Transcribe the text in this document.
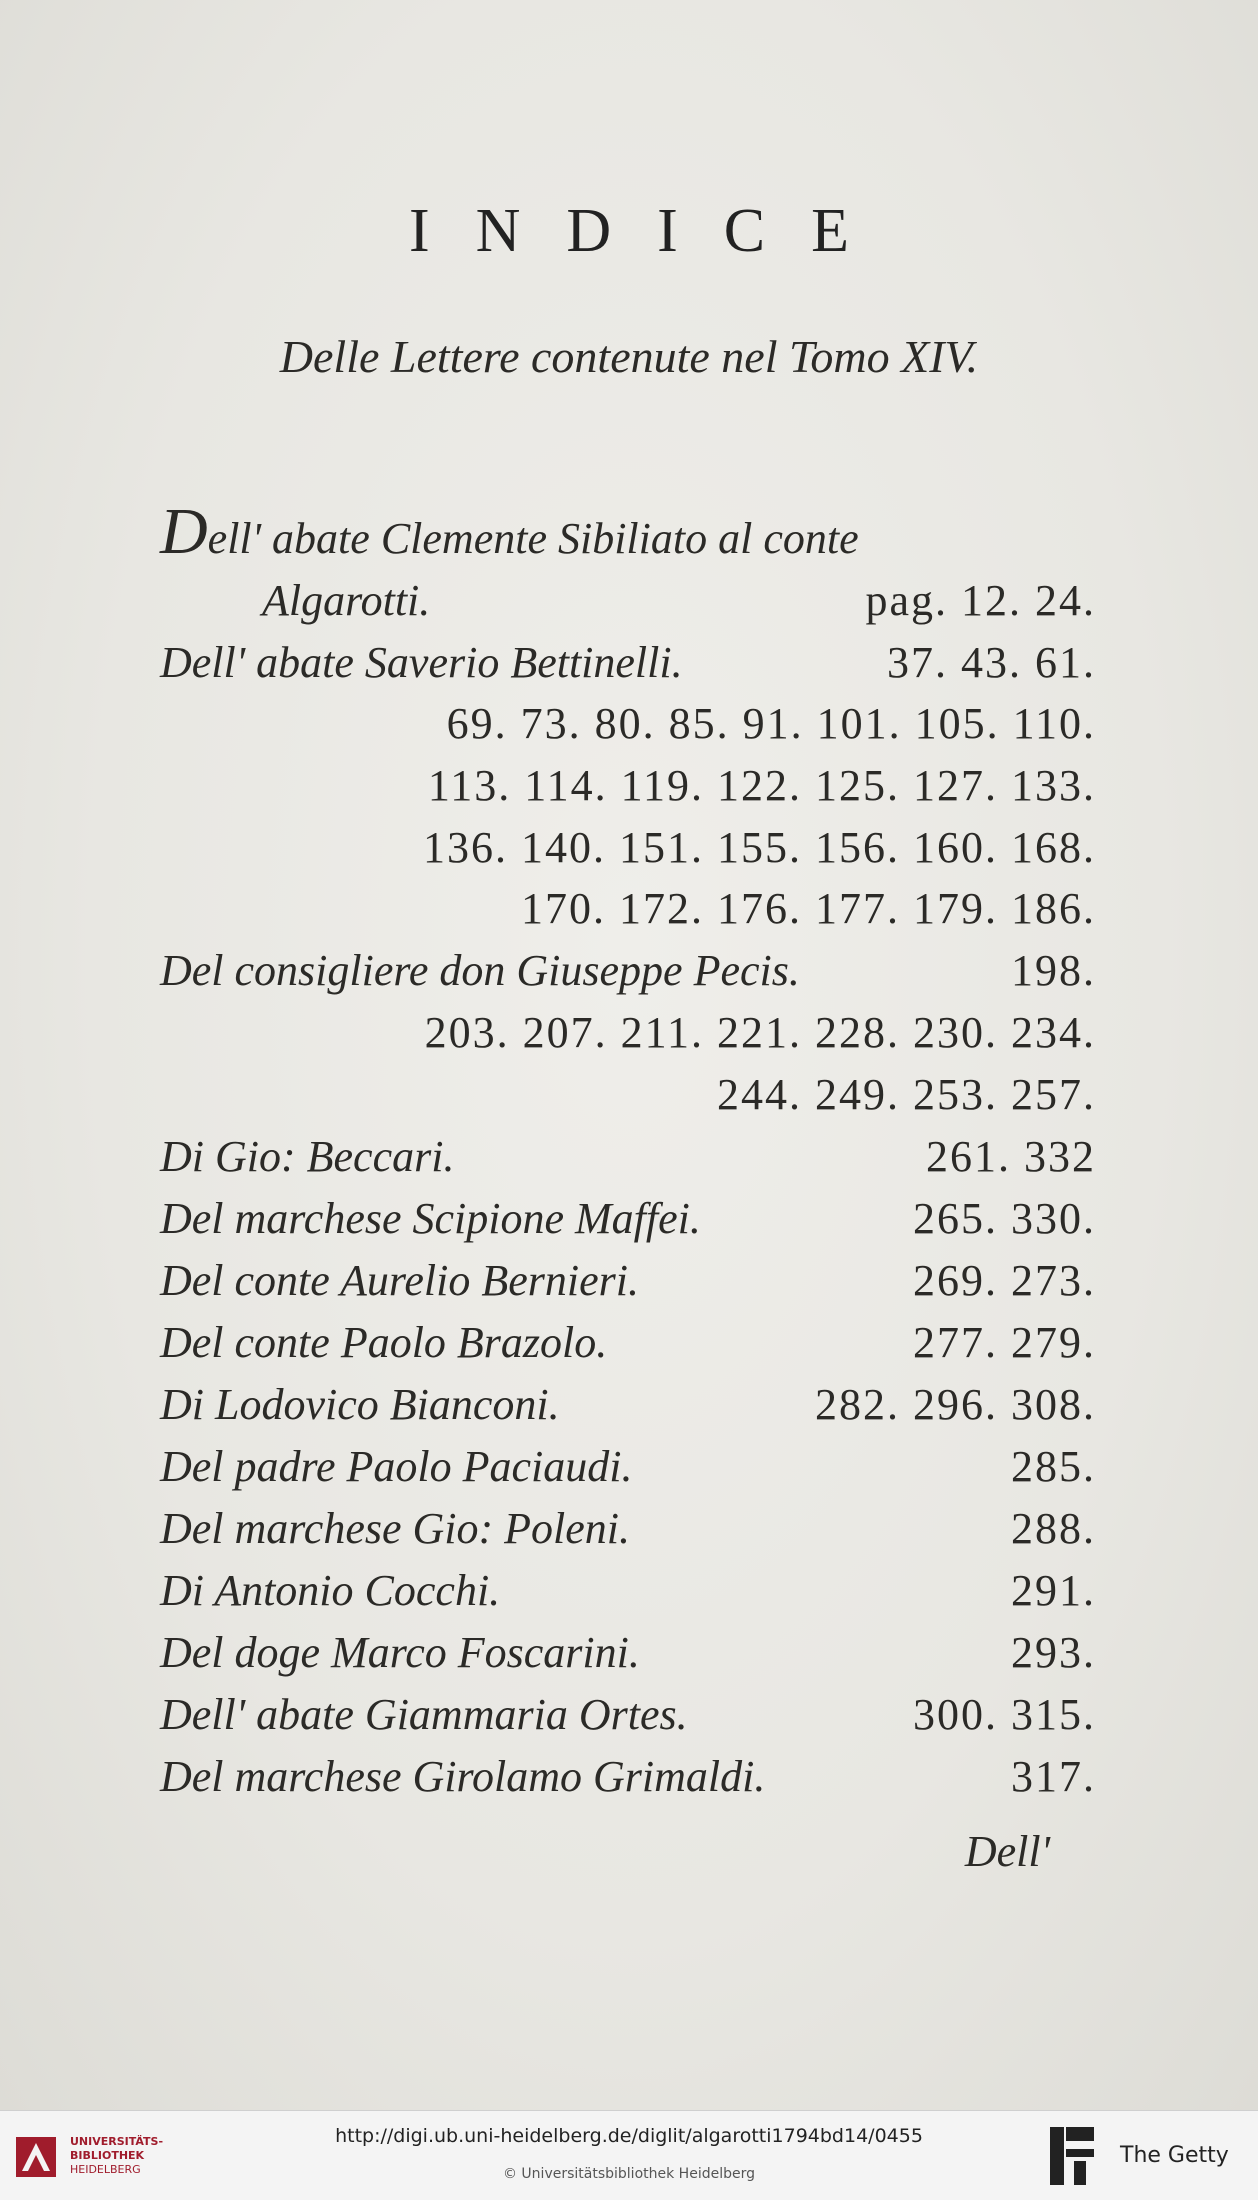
INDICE
Delle Lettere contenute nel Tomo XIV.
Dell' abate Clemente Sibiliato al conte
Algarotti.	pag. 12. 24.
Dell' abate Saverio Bettinelli.	37. 43. 61.
69. 73. 80. 85. 91. 101. 105. 110.
113. 114. 119. 122. 125. 127. 133.
136. 140. 151. 155. 156. 160. 168.
170. 172. 176. 177. 179. 186.
Del consigliere don Giuseppe Pecis.	198.
203. 207. 211. 221. 228. 230. 234.
244. 249. 253. 257.
Di Gio: Beccari.	261. 332
Del marchese Scipione Maffei.	265. 330.
Del conte Aurelio Bernieri.	269. 273.
Del conte Paolo Brazolo.	277. 279.
Di Lodovico Bianconi.	282. 296. 308.
Del padre Paolo Paciaudi.	285.
Del marchese Gio: Poleni.	288.
Di Antonio Cocchi.	291.
Del doge Marco Foscarini.	293.
Dell' abate Giammaria Ortes.	300. 315.
Del marchese Girolamo Grimaldi.	317.
Dell'
UNIVERSITÄTS-
BIBLIOTHEK
HEIDELBERG
http://digi.ub.uni-heidelberg.de/diglit/algarotti1794bd14/0455
© Universitätsbibliothek Heidelberg
The Getty
